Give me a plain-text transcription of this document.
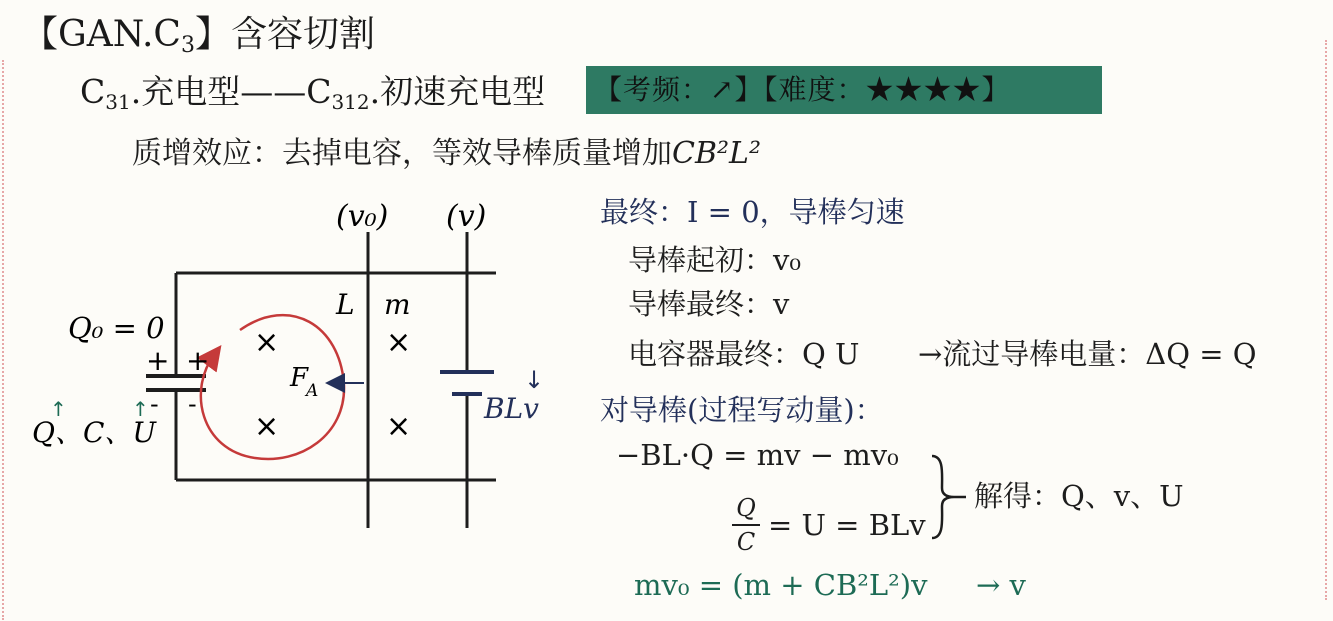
【$GAN.C_3$】含容切割
$C_{31}$.充电型$——C_{312}$.初速充电型 【考频：↗】【难度：★★★★】
质增效应：去掉电容，等效导棒质量增加CB²L²
×	×
×	×
(v₀) (v)
L m
Q₀ = 0
+ +
- -
F
A
BLv
↓
Q、C、U
↑	↑
最终：I = 0，导棒匀速
导棒起初：v₀
导棒最终：v
电容器最终：Q U →流过导棒电量：ΔQ = Q
对导棒(过程写动量)：
−BL·Q = mv − mv₀
Q
C = U = BLv
解得：Q、v、U
mv₀ = (m + CB²L²)v → v
